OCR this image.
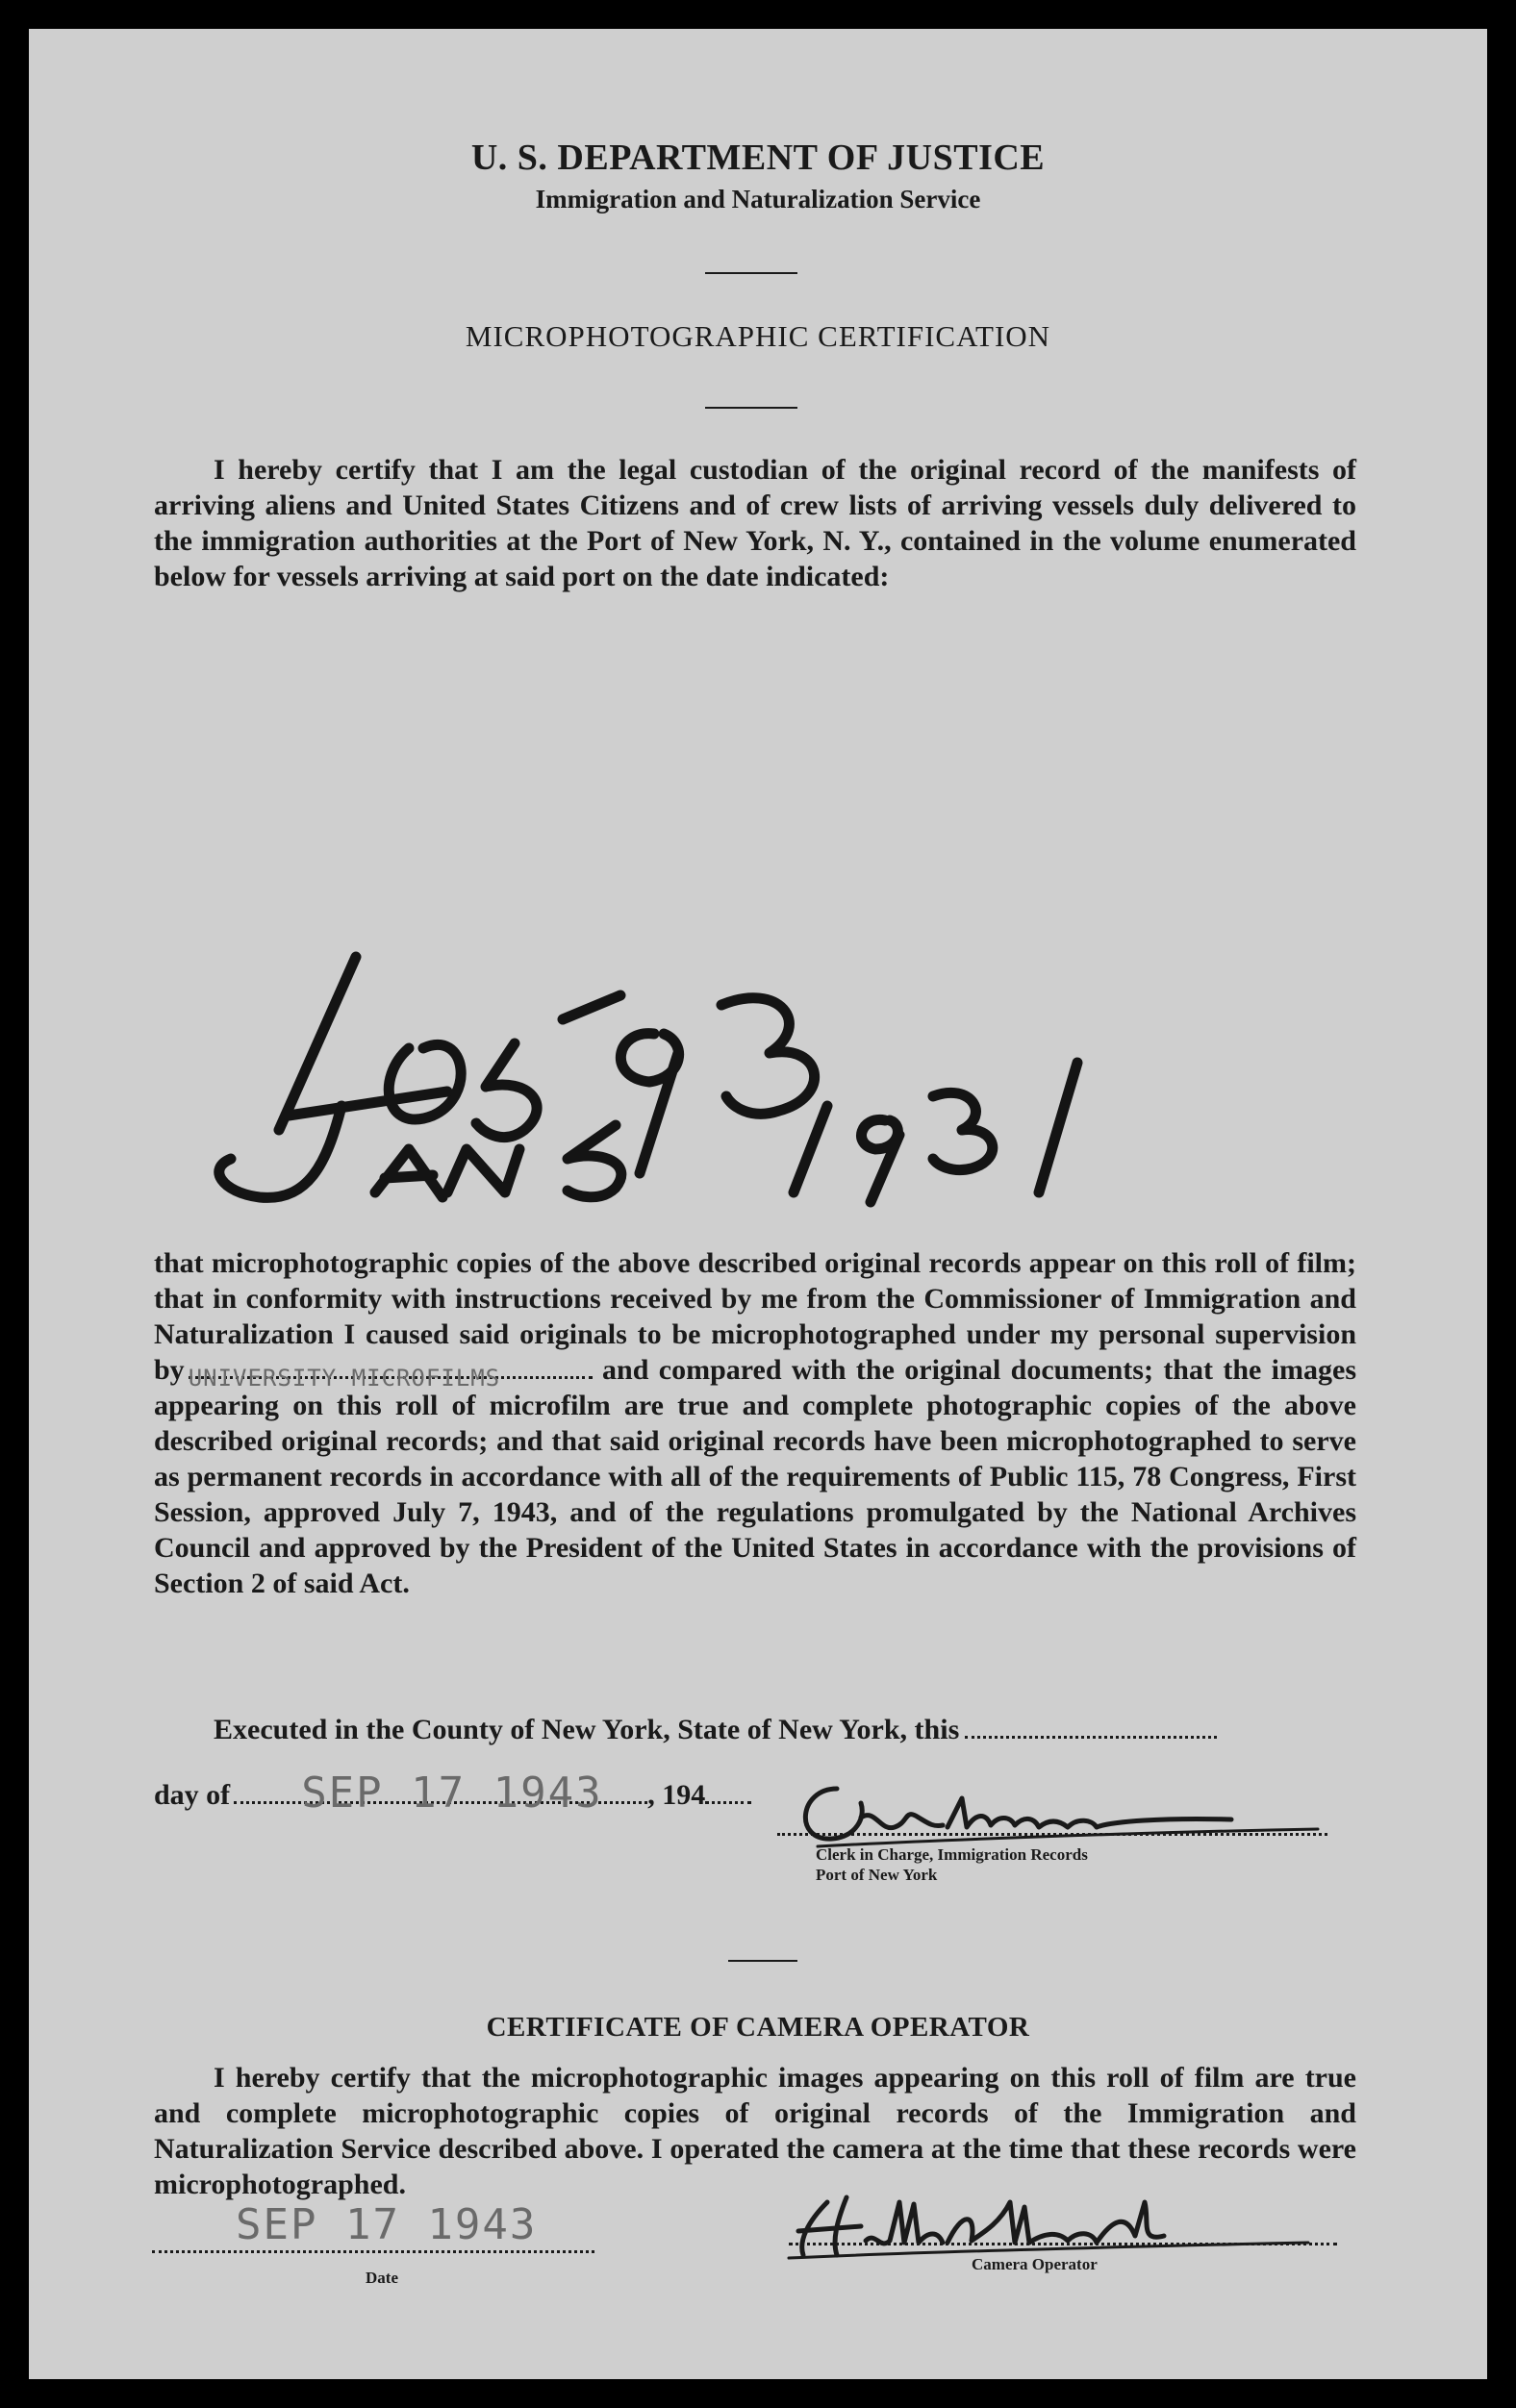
U. S. DEPARTMENT OF JUSTICE
Immigration and Naturalization Service
MICROPHOTOGRAPHIC CERTIFICATION
I hereby certify that I am the legal custodian of the original record of the manifests of arriving aliens and United States Citizens and of crew lists of arriving vessels duly delivered to the immigration authorities at the Port of New York, N. Y., contained in the volume enumerated below for vessels arriving at said port on the date indicated:
that microphotographic copies of the above described original records appear on this roll of film; that in conformity with instructions received by me from the Commissioner of Immigration and Naturalization I caused said originals to be microphotographed under my personal supervision by UNIVERSITY MICROFILMS	and compared with the original documents; that the images appearing on this roll of microfilm are true and complete photographic copies of the above described original records; and that said original records have been microphotographed to serve as permanent records in accordance with all of the requirements of Public 115, 78 Congress, First Session, approved July 7, 1943, and of the regulations promulgated by the National Archives Council and approved by the President of the United States in accordance with the provisions of Section 2 of said Act.
Executed in the County of New York, State of New York, this
day of SEP 17 1943 , 194
Clerk in Charge, Immigration Records
Port of New York
CERTIFICATE OF CAMERA OPERATOR
I hereby certify that the microphotographic images appearing on this roll of film are true and complete microphotographic copies of original records of the Immigration and Naturalization Service described above. I operated the camera at the time that these records were microphotographed.
SEP 17 1943
Date
Camera Operator
